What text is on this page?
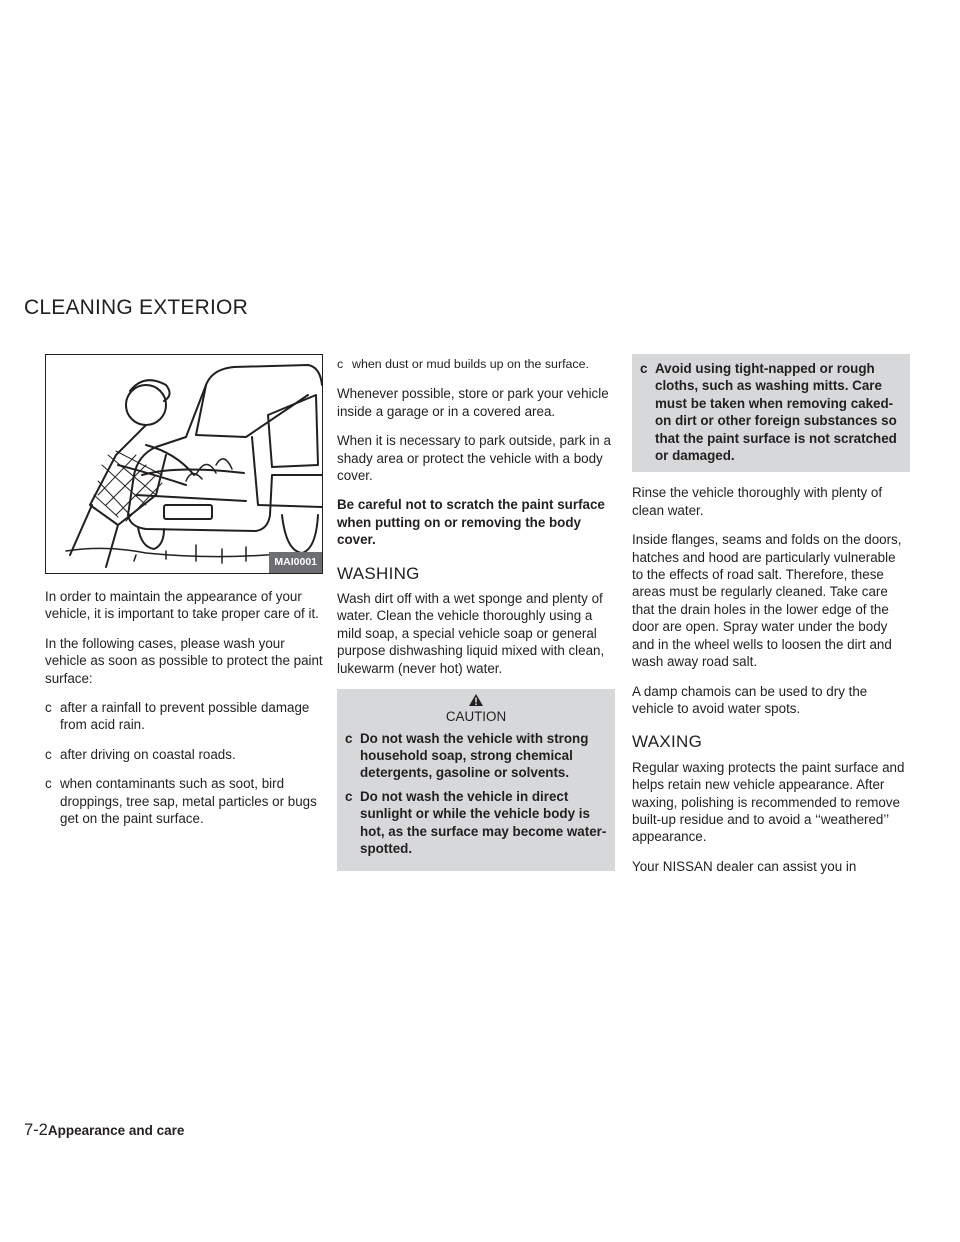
CLEANING EXTERIOR
MAI0001

In order to maintain the appearance of your vehicle, it is important to take proper care of it.

In the following cases, please wash your vehicle as soon as possible to protect the paint surface:

c after a rainfall to prevent possible damage from acid rain.
c after driving on coastal roads.
c when contaminants such as soot, bird droppings, tree sap, metal particles or bugs get on the paint surface.
c when dust or mud builds up on the surface.

Whenever possible, store or park your vehicle inside a garage or in a covered area.

When it is necessary to park outside, park in a shady area or protect the vehicle with a body cover.

Be careful not to scratch the paint surface when putting on or removing the body cover.

WASHING

Wash dirt off with a wet sponge and plenty of water. Clean the vehicle thoroughly using a mild soap, a special vehicle soap or general purpose dishwashing liquid mixed with clean, lukewarm (never hot) water.

CAUTION
c Do not wash the vehicle with strong household soap, strong chemical detergents, gasoline or solvents.
c Do not wash the vehicle in direct sunlight or while the vehicle body is hot, as the surface may become water-spotted.
c Avoid using tight-napped or rough cloths, such as washing mitts. Care must be taken when removing caked-on dirt or other foreign substances so that the paint surface is not scratched or damaged.

Rinse the vehicle thoroughly with plenty of clean water.

Inside flanges, seams and folds on the doors, hatches and hood are particularly vulnerable to the effects of road salt. Therefore, these areas must be regularly cleaned. Take care that the drain holes in the lower edge of the door are open. Spray water under the body and in the wheel wells to loosen the dirt and wash away road salt.

A damp chamois can be used to dry the vehicle to avoid water spots.

WAXING

Regular waxing protects the paint surface and helps retain new vehicle appearance. After waxing, polishing is recommended to remove built-up residue and to avoid a ‘‘weathered’’ appearance.

Your NISSAN dealer can assist you in

7-2Appearance and care
